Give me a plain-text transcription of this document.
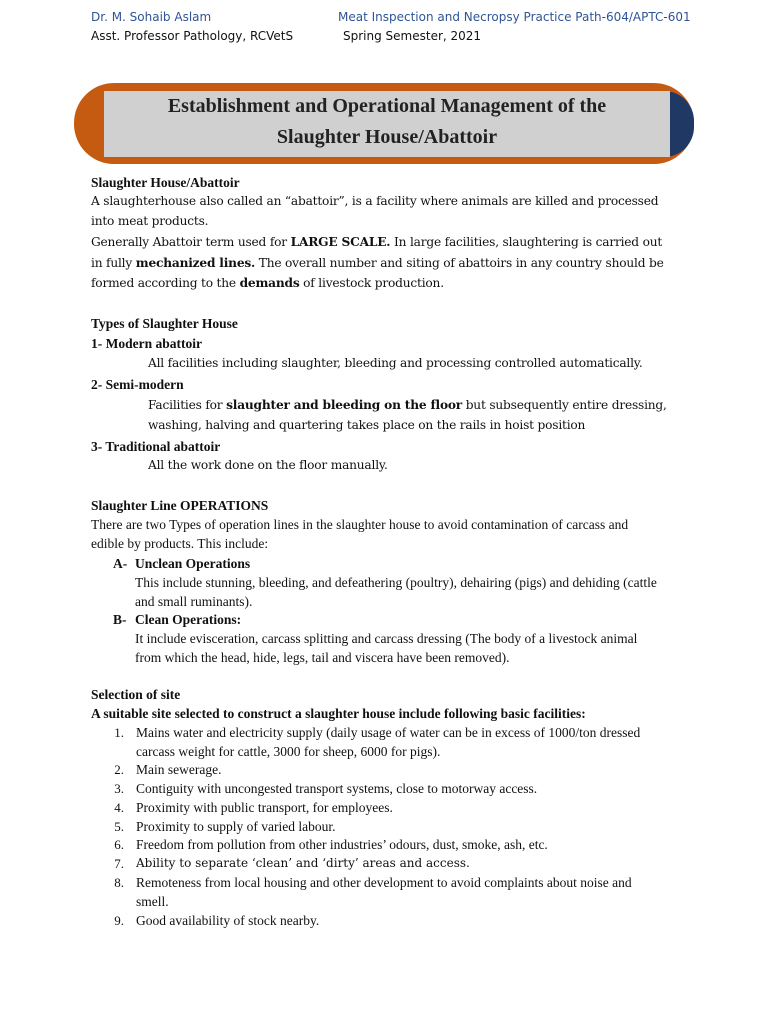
Dr. M. Sohaib Aslam
Asst. Professor Pathology, RCVetS
Meat Inspection and Necropsy Practice Path-604/APTC-601
Spring Semester, 2021
Establishment and Operational Management of the
Slaughter House/Abattoir
Slaughter House/Abattoir
A slaughterhouse also called an “abattoir”, is a facility where animals are killed and processed
into meat products.
Generally Abattoir term used for LARGE SCALE. In large facilities, slaughtering is carried out
in fully mechanized lines. The overall number and siting of abattoirs in any country should be
formed according to the demands of livestock production.
Types of Slaughter House
1- Modern abattoir
All facilities including slaughter, bleeding and processing controlled automatically.
2- Semi-modern
Facilities for slaughter and bleeding on the floor but subsequently entire dressing,
washing, halving and quartering takes place on the rails in hoist position
3- Traditional abattoir
All the work done on the floor manually.
Slaughter Line OPERATIONS
There are two Types of operation lines in the slaughter house to avoid contamination of carcass and
edible by products. This include:
A- Unclean Operations
This include stunning, bleeding, and defeathering (poultry), dehairing (pigs) and dehiding (cattle
and small ruminants).
B- Clean Operations:
It include evisceration, carcass splitting and carcass dressing (The body of a livestock animal
from which the head, hide, legs, tail and viscera have been removed).
Selection of site
A suitable site selected to construct a slaughter house include following basic facilities:
1. Mains water and electricity supply (daily usage of water can be in excess of 1000/ton dressed
carcass weight for cattle, 3000 for sheep, 6000 for pigs).
2. Main sewerage.
3. Contiguity with uncongested transport systems, close to motorway access.
4. Proximity with public transport, for employees.
5. Proximity to supply of varied labour.
6. Freedom from pollution from other industries’ odours, dust, smoke, ash, etc.
7. Ability to separate ‘clean’ and ‘dirty’ areas and access.
8. Remoteness from local housing and other development to avoid complaints about noise and
smell.
9. Good availability of stock nearby.
